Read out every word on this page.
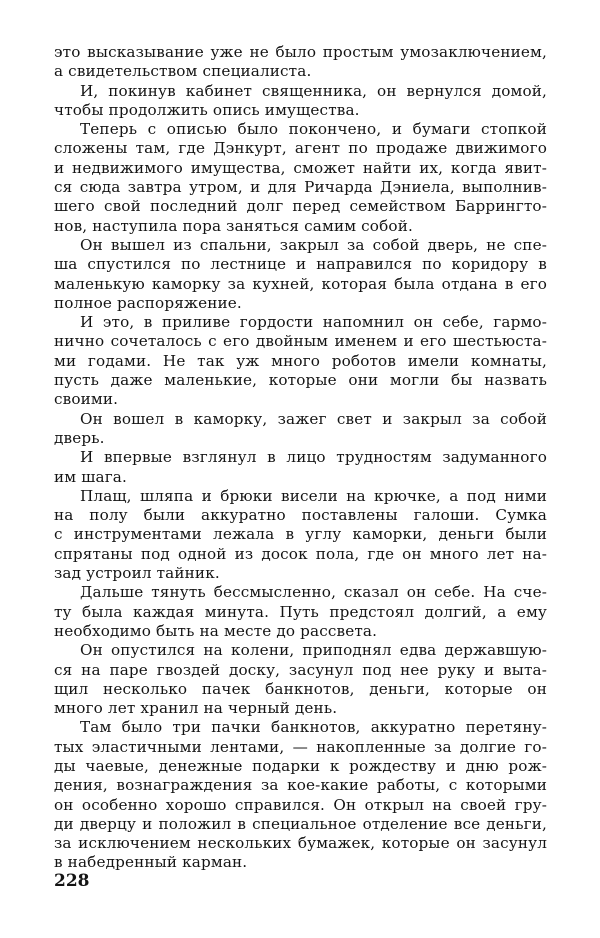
это высказывание уже не было простым умозаключением,
а свидетельством специалиста.
И, покинув кабинет священника, он вернулся домой,
чтобы продолжить опись имущества.
Теперь с описью было покончено, и бумаги стопкой
сложены там, где Дэнкурт, агент по продаже движимого
и недвижимого имущества, сможет найти их, когда явит-
ся сюда завтра утром, и для Ричарда Дэниела, выполнив-
шего свой последний долг перед семейством Баррингто-
нов, наступила пора заняться самим собой.
Он вышел из спальни, закрыл за собой дверь, не спе-
ша спустился по лестнице и направился по коридору в
маленькую каморку за кухней, которая была отдана в его
полное распоряжение.
И это, в приливе гордости напомнил он себе, гармо-
нично сочеталось с его двойным именем и его шестьюста-
ми годами. Не так уж много роботов имели комнаты,
пусть даже маленькие, которые они могли бы назвать
своими.
Он вошел в каморку, зажег свет и закрыл за собой
дверь.
И впервые взглянул в лицо трудностям задуманного
им шага.
Плащ, шляпа и брюки висели на крючке, а под ними
на полу были аккуратно поставлены галоши. Сумка
с инструментами лежала в углу каморки, деньги были
спрятаны под одной из досок пола, где он много лет на-
зад устроил тайник.
Дальше тянуть бессмысленно, сказал он себе. На сче-
ту была каждая минута. Путь предстоял долгий, а ему
необходимо быть на месте до рассвета.
Он опустился на колени, приподнял едва державшую-
ся на паре гвоздей доску, засунул под нее руку и выта-
щил несколько пачек банкнотов, деньги, которые он
много лет хранил на черный день.
Там было три пачки банкнотов, аккуратно перетяну-
тых эластичными лентами, — накопленные за долгие го-
ды чаевые, денежные подарки к рождеству и дню рож-
дения, вознаграждения за кое-какие работы, с которыми
он особенно хорошо справился. Он открыл на своей гру-
ди дверцу и положил в специальное отделение все деньги,
за исключением нескольких бумажек, которые он засунул
в набедренный карман.
228
